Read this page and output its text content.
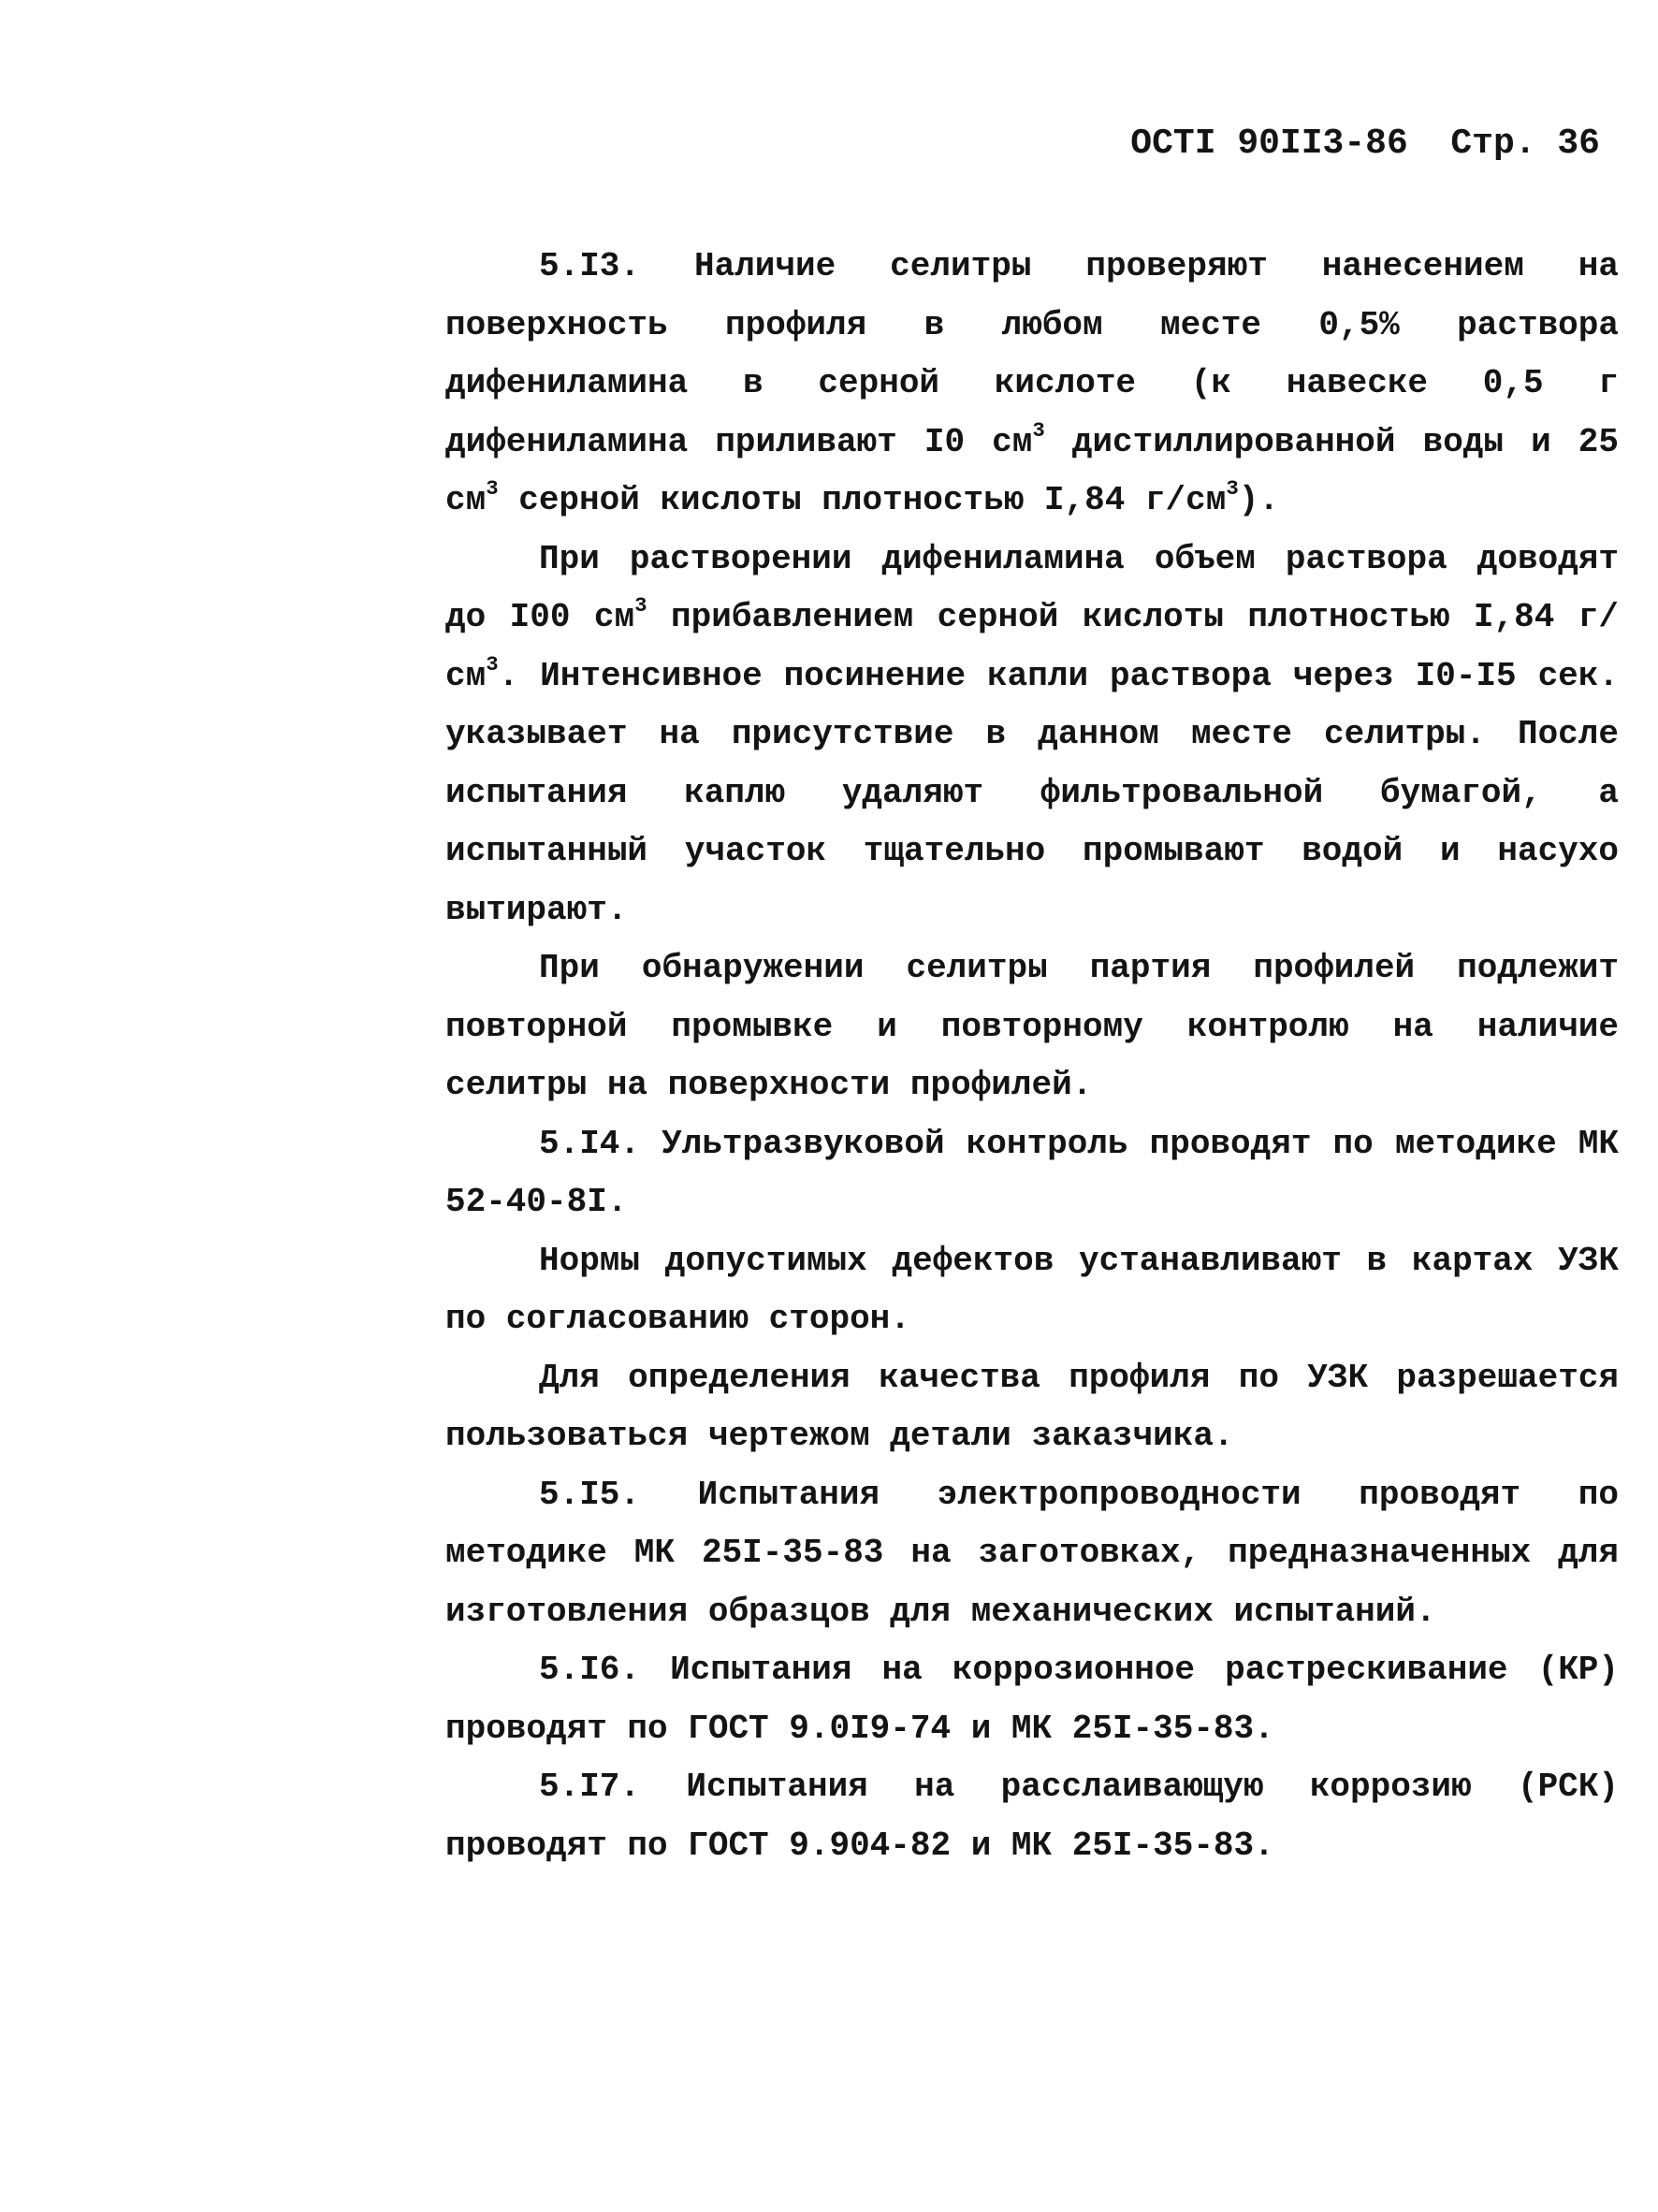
ОСТI 90II3-86 Стр. 36

5.I3. Наличие селитры проверяют нанесением на поверхность профиля в любом месте 0,5% раствора дифениламина в серной кислоте (к навеске 0,5 г дифениламина приливают I0 $см^3$ дистиллированной воды и 25 $см^3$ серной кислоты плотностью I,84 $г/см^3$).

При растворении дифениламина объем раствора доводят до I00 $см^3$ прибавлением серной кислоты плотностью I,84 $г/см^3$. Интенсивное посинение капли раствора через I0-I5 сек. указывает на присутствие в данном месте селитры. После испытания каплю удаляют фильтровальной бумагой, а испытанный участок тщательно промывают водой и насухо вытирают.

При обнаружении селитры партия профилей подлежит повторной промывке и повторному контролю на наличие селитры на поверхности профилей.

5.I4. Ультразвуковой контроль проводят по методике МК 52-40-8I.

Нормы допустимых дефектов устанавливают в картах УЗК по согласованию сторон.

Для определения качества профиля по УЗК разрешается пользоваться чертежом детали заказчика.

5.I5. Испытания электропроводности проводят по методике МК 25I-35-83 на заготовках, предназначенных для изготовления образцов для механических испытаний.

5.I6. Испытания на коррозионное растрескивание (КР) проводят по ГОСТ 9.0I9-74 и МК 25I-35-83.

5.I7. Испытания на расслаивающую коррозию (РСК) проводят по ГОСТ 9.904-82 и МК 25I-35-83.
